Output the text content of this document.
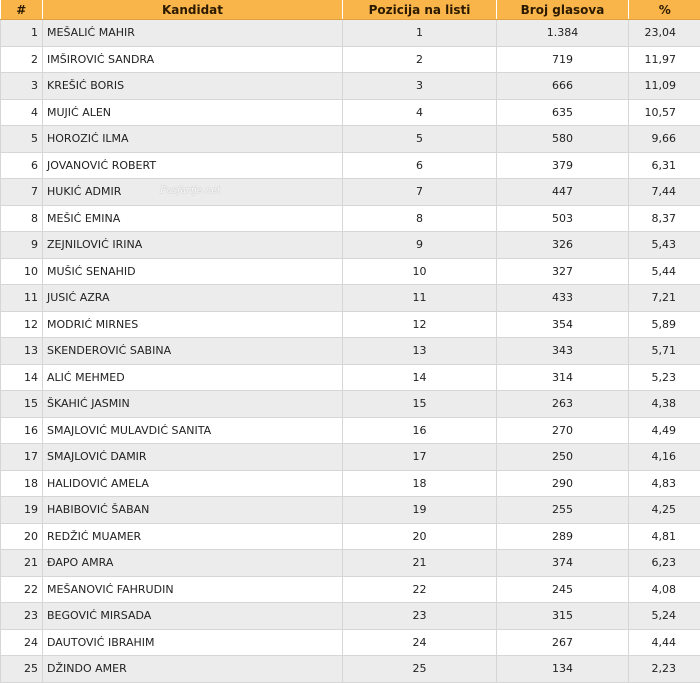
#	Kandidat	Pozicija na listi	Broj glasova	%
1	MEŠALIĆ MAHIR	1	1.384	23,04
2	IMŠIROVIĆ SANDRA	2	719	11,97
3	KREŠIĆ BORIS	3	666	11,09
4	MUJIĆ ALEN	4	635	10,57
5	HOROZIĆ ILMA	5	580	9,66
6	JOVANOVIĆ ROBERT	6	379	6,31
7	HUKIĆ ADMIR	7	447	7,44
8	MEŠIĆ EMINA	8	503	8,37
9	ZEJNILOVIĆ IRINA	9	326	5,43
10	MUŠIĆ SENAHID	10	327	5,44
11	JUSIĆ AZRA	11	433	7,21
12	MODRIĆ MIRNES	12	354	5,89
13	SKENDEROVIĆ SABINA	13	343	5,71
14	ALIĆ MEHMED	14	314	5,23
15	ŠKAHIĆ JASMIN	15	263	4,38
16	SMAJLOVIĆ MULAVDIĆ SANITA	16	270	4,49
17	SMAJLOVIĆ DAMIR	17	250	4,16
18	HALIDOVIĆ AMELA	18	290	4,83
19	HABIBOVIĆ ŠABAN	19	255	4,25
20	REDŽIĆ MUAMER	20	289	4,81
21	ĐAPO AMRA	21	374	6,23
22	MEŠANOVIĆ FAHRUDIN	22	245	4,08
23	BEGOVIĆ MIRSADA	23	315	5,24
24	DAUTOVIĆ IBRAHIM	24	267	4,44
25	DŽINDO AMER	25	134	2,23
Fusfarije.net
